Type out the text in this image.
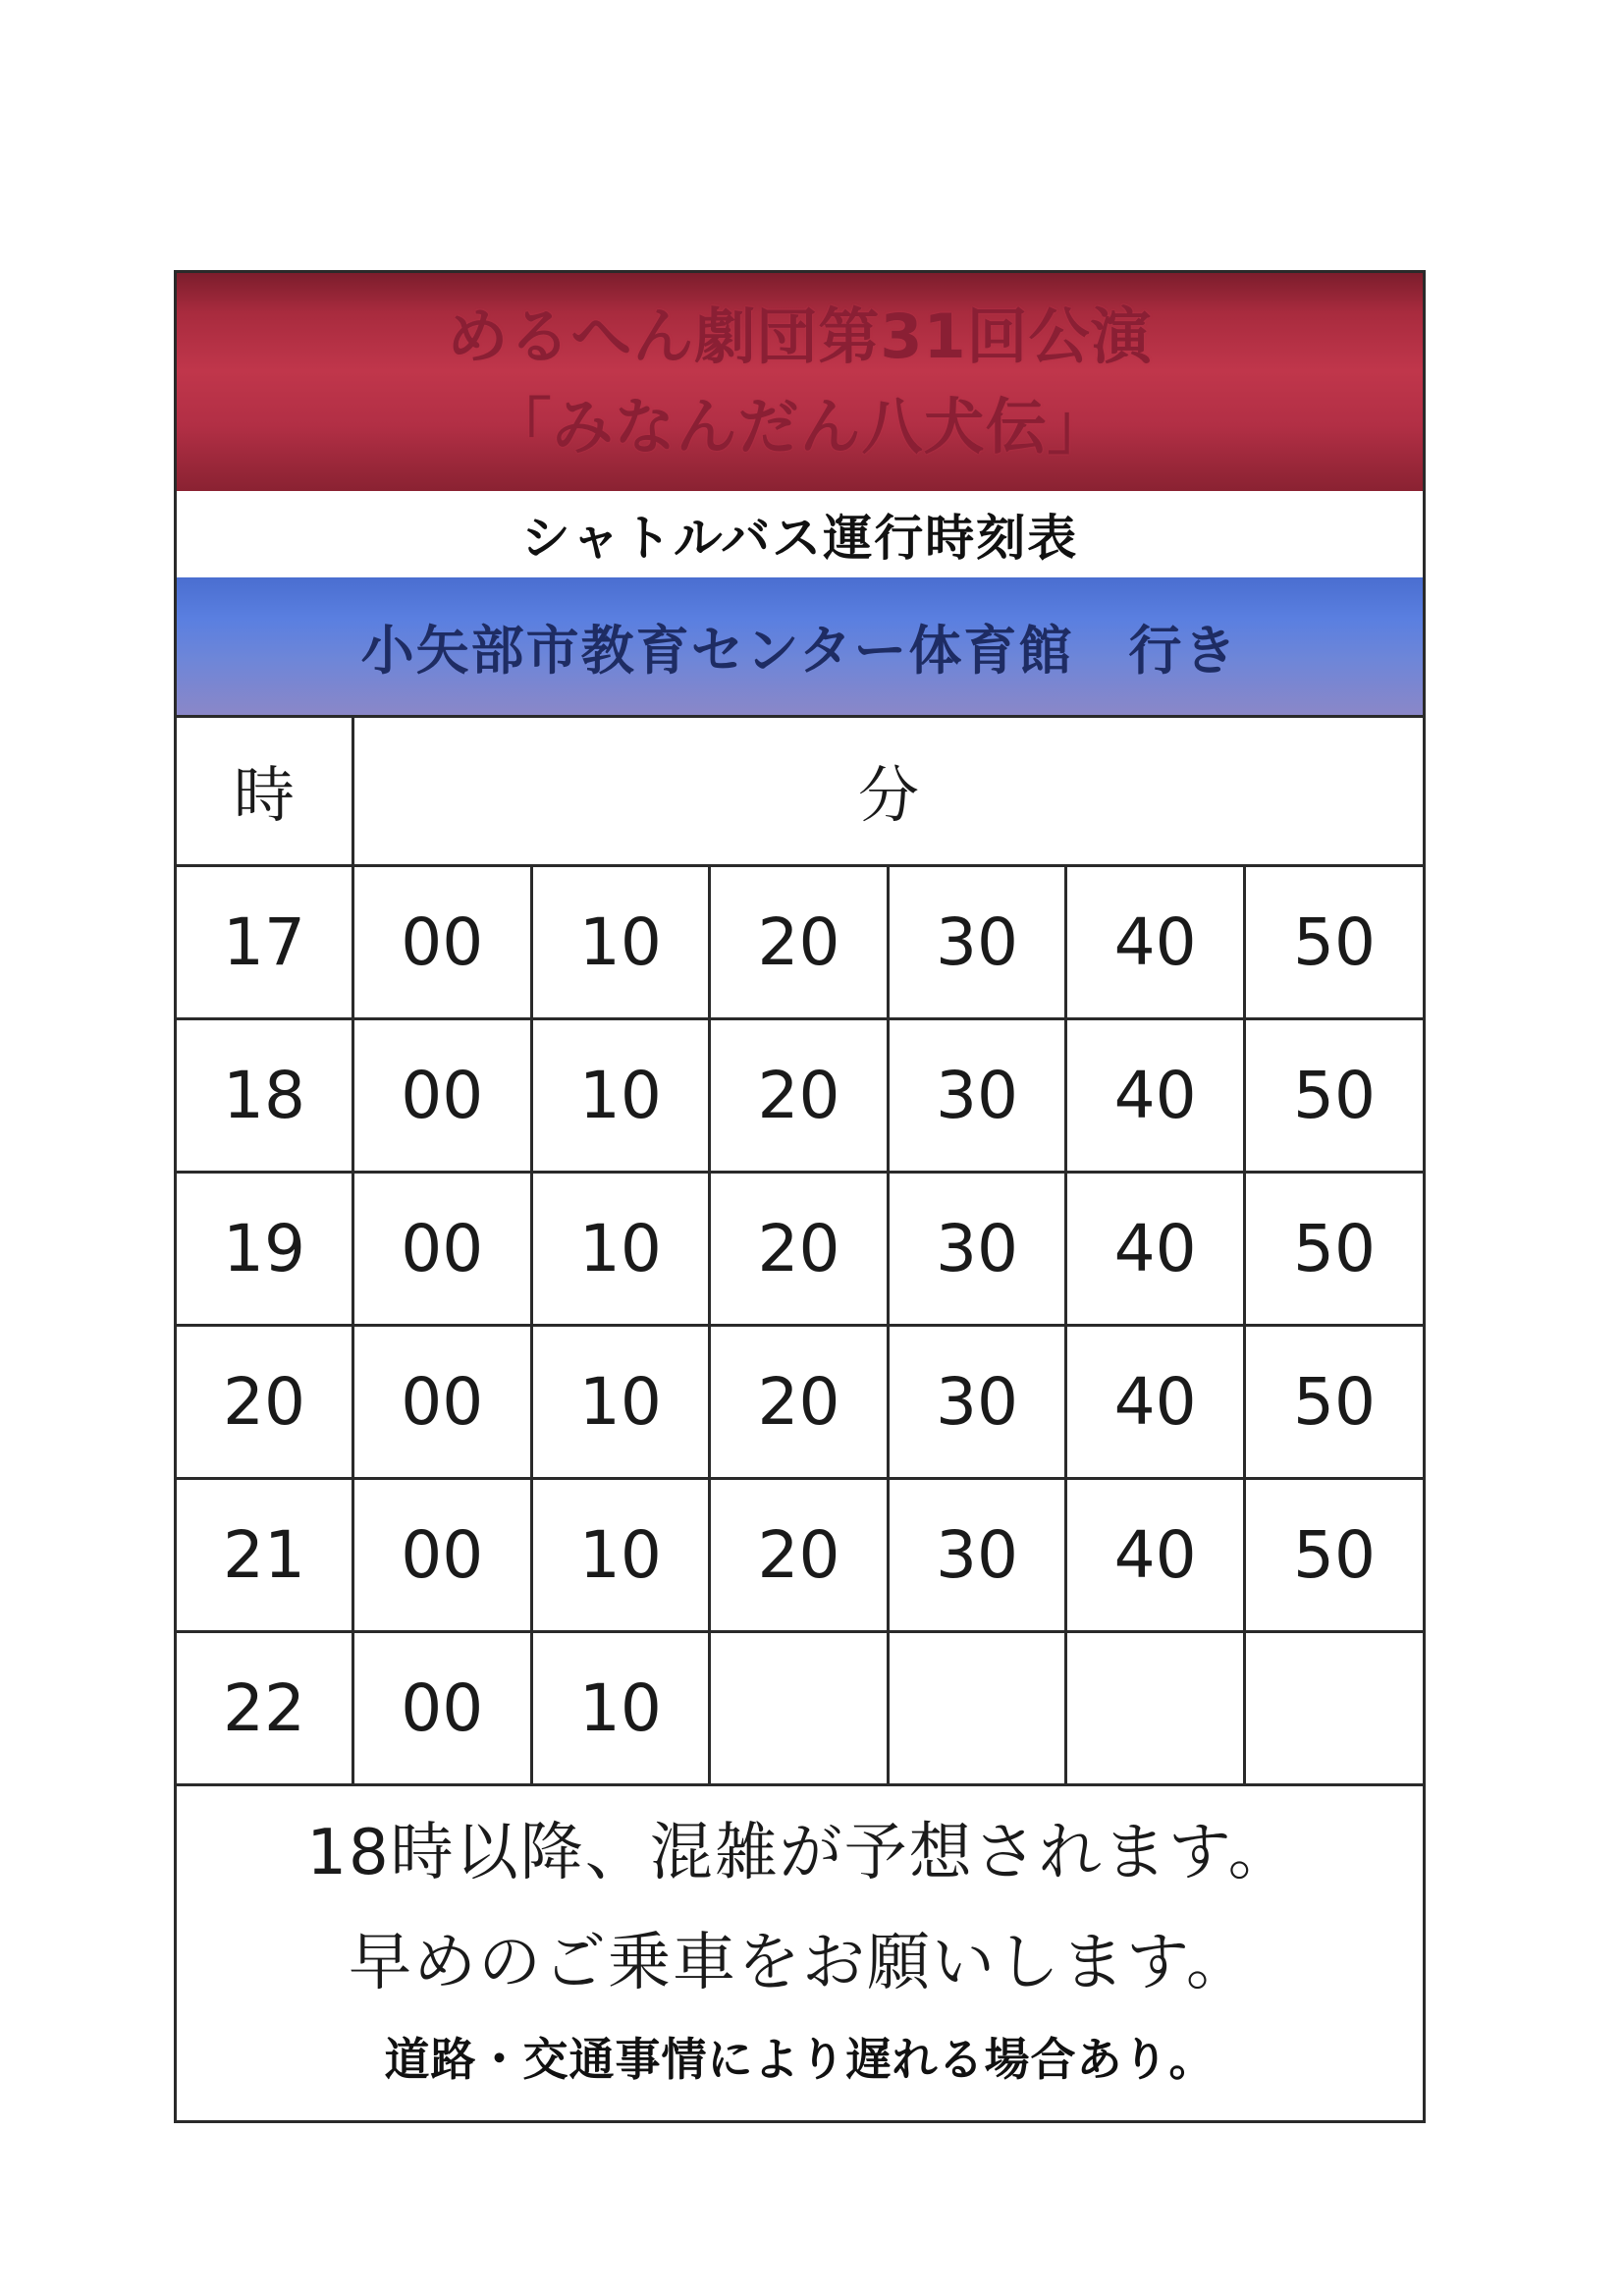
めるへん劇団第31回公演
「みなんだん八犬伝」
シャトルバス運行時刻表
小矢部市教育センター体育館　行き
時	分					
17	00	10	20	30	40	50
18	00	10	20	30	40	50
19	00	10	20	30	40	50
20	00	10	20	30	40	50
21	00	10	20	30	40	50
22	00	10				
18時以降、混雑が予想されます。
早めのご乗車をお願いします。
道路・交通事情により遅れる場合あり。
